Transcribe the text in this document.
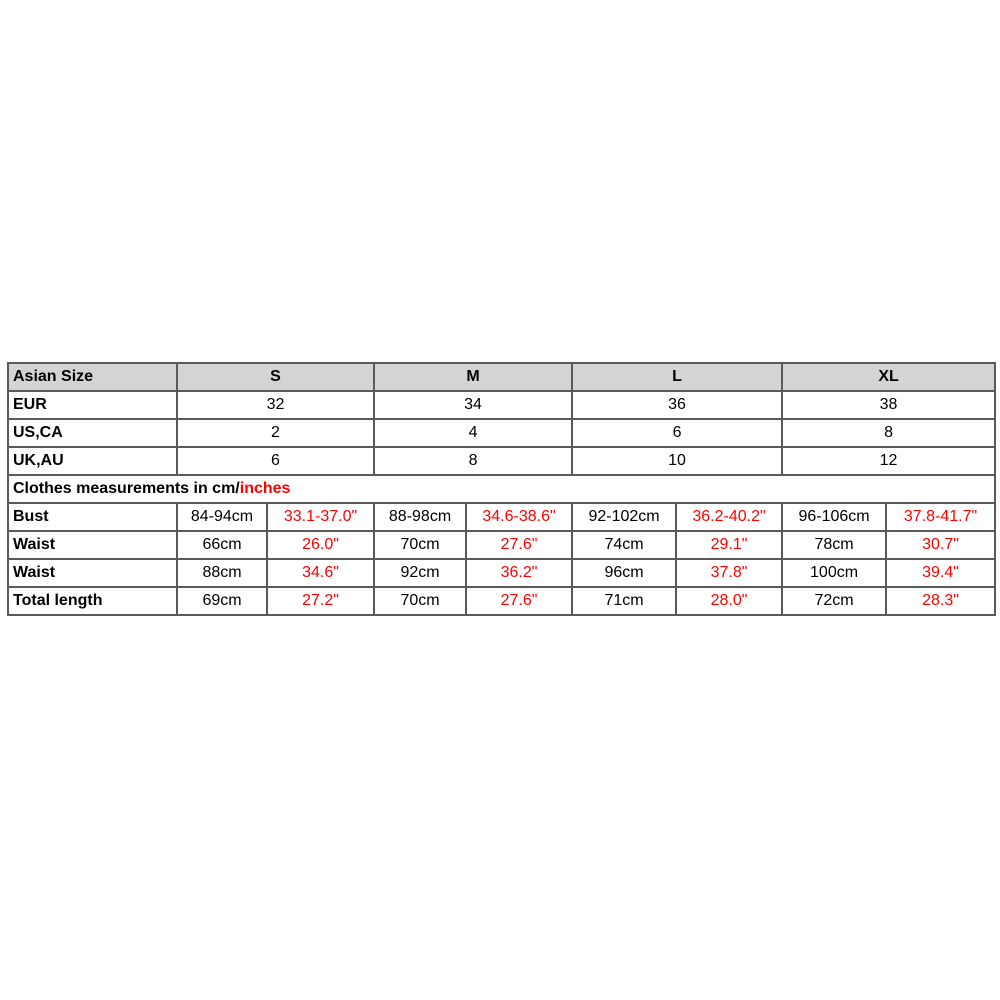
Asian Size	S		M		L		XL	
EUR	32		34		36		38	
US,CA	2		4		6		8	
UK,AU	6		8		10		12	
Clothes measurements in cm/inches								
Bust	84-94cm	33.1-37.0"	88-98cm	34.6-38.6"	92-102cm	36.2-40.2"	96-106cm	37.8-41.7"
Waist	66cm	26.0"	70cm	27.6"	74cm	29.1"	78cm	30.7"
Waist	88cm	34.6"	92cm	36.2"	96cm	37.8"	100cm	39.4"
Total length	69cm	27.2"	70cm	27.6"	71cm	28.0"	72cm	28.3"
